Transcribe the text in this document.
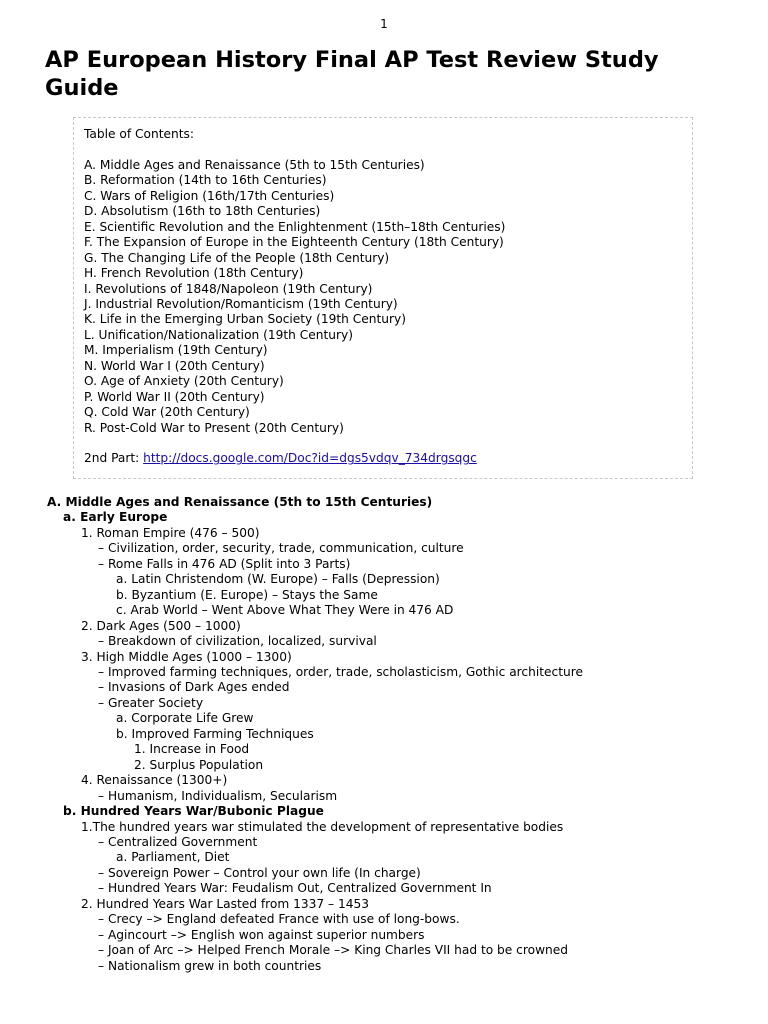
1
AP European History Final AP Test Review Study Guide
Table of Contents:
A. Middle Ages and Renaissance (5th to 15th Centuries)
B. Reformation (14th to 16th Centuries)
C. Wars of Religion (16th/17th Centuries)
D. Absolutism (16th to 18th Centuries)
E. Scientific Revolution and the Enlightenment (15th–18th Centuries)
F. The Expansion of Europe in the Eighteenth Century (18th Century)
G. The Changing Life of the People (18th Century)
H. French Revolution (18th Century)
I. Revolutions of 1848/Napoleon (19th Century)
J. Industrial Revolution/Romanticism (19th Century)
K. Life in the Emerging Urban Society (19th Century)
L. Unification/Nationalization (19th Century)
M. Imperialism (19th Century)
N. World War I (20th Century)
O. Age of Anxiety (20th Century)
P. World War II (20th Century)
Q. Cold War (20th Century)
R. Post-Cold War to Present (20th Century)
2nd Part: http://docs.google.com/Doc?id=dgs5vdqv_734drgsqgc
A. Middle Ages and Renaissance (5th to 15th Centuries)
a. Early Europe
1. Roman Empire (476 – 500)
– Civilization, order, security, trade, communication, culture
– Rome Falls in 476 AD (Split into 3 Parts)
a. Latin Christendom (W. Europe) – Falls (Depression)
b. Byzantium (E. Europe) – Stays the Same
c. Arab World – Went Above What They Were in 476 AD
2. Dark Ages (500 – 1000)
– Breakdown of civilization, localized, survival
3. High Middle Ages (1000 – 1300)
– Improved farming techniques, order, trade, scholasticism, Gothic architecture
– Invasions of Dark Ages ended
– Greater Society
a. Corporate Life Grew
b. Improved Farming Techniques
1. Increase in Food
2. Surplus Population
4. Renaissance (1300+)
– Humanism, Individualism, Secularism
b. Hundred Years War/Bubonic Plague
1.The hundred years war stimulated the development of representative bodies
– Centralized Government
a. Parliament, Diet
– Sovereign Power – Control your own life (In charge)
– Hundred Years War: Feudalism Out, Centralized Government In
2. Hundred Years War Lasted from 1337 – 1453
– Crecy –> England defeated France with use of long-bows.
– Agincourt –> English won against superior numbers
– Joan of Arc –> Helped French Morale –> King Charles VII had to be crowned
– Nationalism grew in both countries
